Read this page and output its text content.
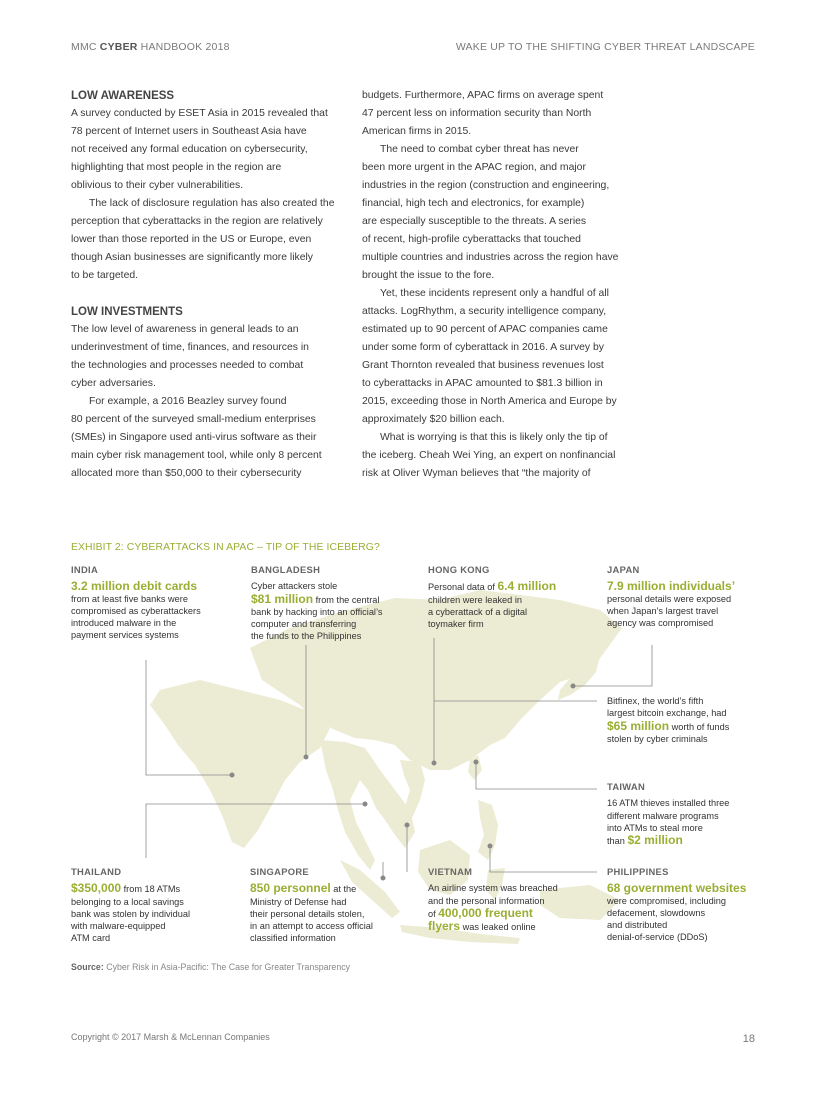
MMC CYBER HANDBOOK 2018	WAKE UP TO THE SHIFTING CYBER THREAT LANDSCAPE
LOW AWARENESS

A survey conducted by ESET Asia in 2015 revealed that
78 percent of Internet users in Southeast Asia have
not received any formal education on cybersecurity,
highlighting that most people in the region are
oblivious to their cyber vulnerabilities.

The lack of disclosure regulation has also created the
perception that cyberattacks in the region are relatively
lower than those reported in the US or Europe, even
though Asian businesses are significantly more likely
to be targeted.

LOW INVESTMENTS

The low level of awareness in general leads to an
underinvestment of time, finances, and resources in
the technologies and processes needed to combat
cyber adversaries.

For example, a 2016 Beazley survey found
80 percent of the surveyed small-medium enterprises
(SMEs) in Singapore used anti-virus software as their
main cyber risk management tool, while only 8 percent
allocated more than $50,000 to their cybersecurity

budgets. Furthermore, APAC firms on average spent
47 percent less on information security than North
American firms in 2015.

The need to combat cyber threat has never
been more urgent in the APAC region, and major
industries in the region (construction and engineering,
financial, high tech and electronics, for example)
are especially susceptible to the threats. A series
of recent, high-profile cyberattacks that touched
multiple countries and industries across the region have
brought the issue to the fore.

Yet, these incidents represent only a handful of all
attacks. LogRhythm, a security intelligence company,
estimated up to 90 percent of APAC companies came
under some form of cyberattack in 2016. A survey by
Grant Thornton revealed that business revenues lost
to cyberattacks in APAC amounted to $81.3 billion in
2015, exceeding those in North America and Europe by
approximately $20 billion each.

What is worrying is that this is likely only the tip of
the iceberg. Cheah Wei Ying, an expert on nonfinancial
risk at Oliver Wyman believes that “the majority of

EXHIBIT 2: CYBERATTACKS IN APAC – TIP OF THE ICEBERG?
INDIA
3.2 million debit cards
from at least five banks were
compromised as cyberattackers
introduced malware in the
payment services systems
BANGLADESH
Cyber attackers stole
$81 million from the central
bank by hacking into an official’s
computer and transferring
the funds to the Philippines
HONG KONG
Personal data of 6.4 million
children were leaked in
a cyberattack of a digital
toymaker firm
JAPAN
7.9 million individuals’
personal details were exposed
when Japan’s largest travel
agency was compromised
Bitfinex, the world’s fifth
largest bitcoin exchange, had
$65 million worth of funds
stolen by cyber criminals
TAIWAN
16 ATM thieves installed three
different malware programs
into ATMs to steal more
than $2 million
THAILAND
$350,000 from 18 ATMs
belonging to a local savings
bank was stolen by individual
with malware-equipped
ATM card
SINGAPORE
850 personnel at the
Ministry of Defense had
their personal details stolen,
in an attempt to access official
classified information
VIETNAM
An airline system was breached
and the personal information
of 400,000 frequent
flyers was leaked online
PHILIPPINES
68 government websites
were compromised, including
defacement, slowdowns
and distributed
denial-of-service (DDoS)
Source: Cyber Risk in Asia-Pacific: The Case for Greater Transparency
Copyright © 2017 Marsh & McLennan Companies	18
